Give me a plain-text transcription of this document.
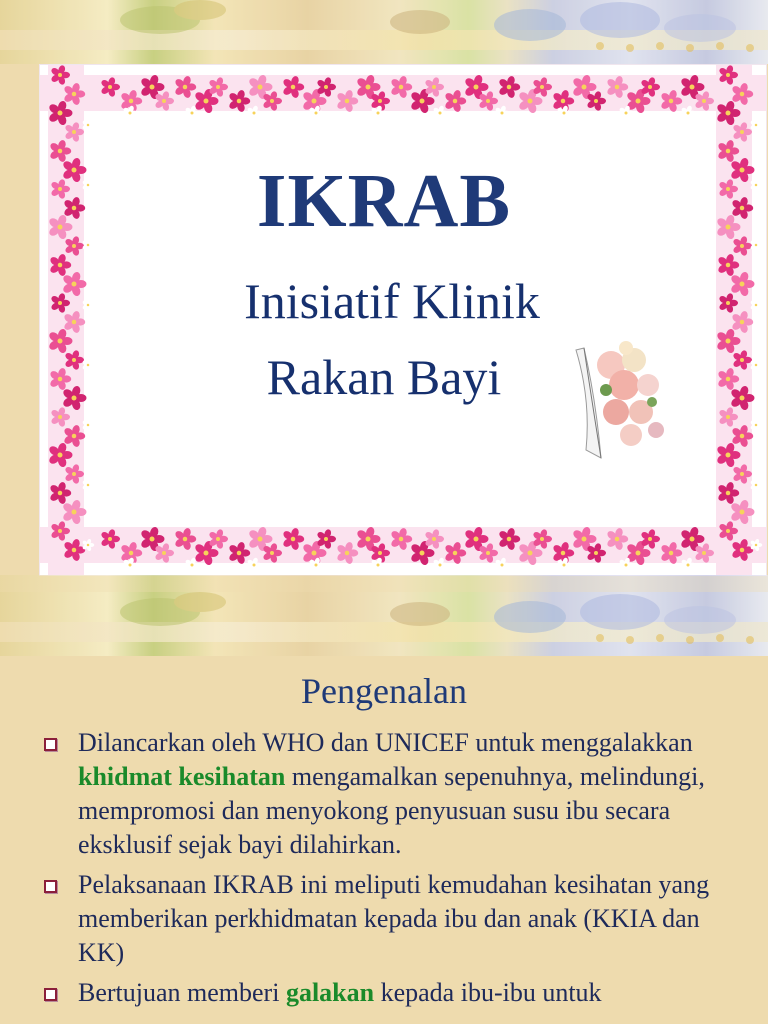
IKRAB
Inisiatif Klinik
Rakan Bayi
Pengenalan
Dilancarkan oleh WHO dan UNICEF untuk menggalakkan khidmat kesihatan mengamalkan sepenuhnya, melindungi, mempromosi dan menyokong penyusuan susu ibu secara eksklusif sejak bayi dilahirkan.
Pelaksanaan IKRAB ini meliputi kemudahan kesihatan yang memberikan perkhidmatan kepada ibu dan anak (KKIA dan KK)
Bertujuan memberi galakan kepada ibu-ibu untuk
